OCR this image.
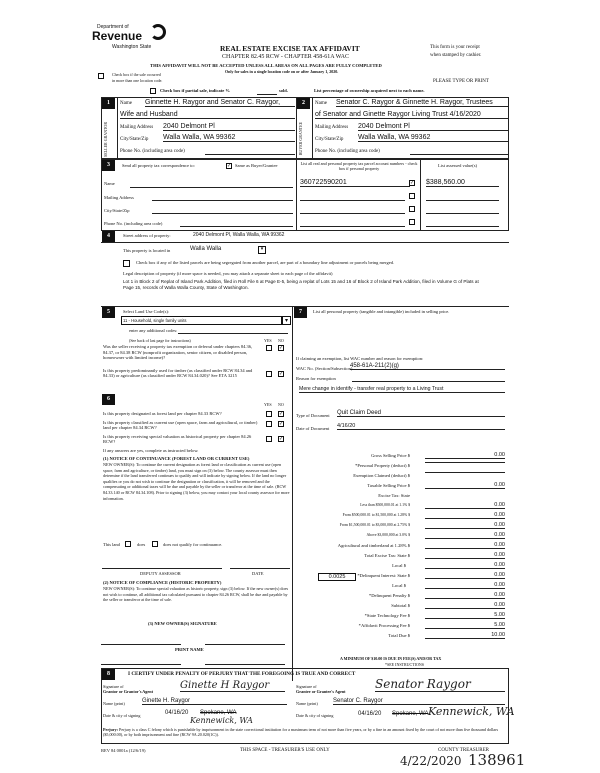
Department of
Revenue
Washington State	REAL ESTATE EXCISE TAX AFFIDAVIT
CHAPTER 82.45 RCW - CHAPTER 458-61A WAC
This form is your receipt
when stamped by cashier.
THIS AFFIDAVIT WILL NOT BE ACCEPTED UNLESS ALL AREAS ON ALL PAGES ARE FULLY COMPLETED
Only for sales in a single location code on or after January 1, 2020.
Check box if the sale occurred
in more than one location code.	PLEASE TYPE OR PRINT
Check box if partial sale, indicate %	sold.	List percentage of ownership acquired next to each name.
1
SELLER GRANTOR
Name Ginnette H. Raygor and Senator C. Raygor,
Wife and Husband
Mailing Address 2040 Delmont Pl
City/State/Zip Walla Walla, WA 99362
Phone No. (including area code)
2
BUYER GRANTEE
Name Senator C. Raygor & Ginnette H. Raygor, Trustees
of Senator and Ginette Raygor Living Trust 4/16/2020
Mailing Address 2040 Delmont Pl
City/State/Zip Walla Walla, WA 99362
Phone No. (including area code)
3	Send all property tax correspondence to:	✓ Same as Buyer/Grantee	List all real and personal property tax parcel account numbers - check box if personal property
List assessed value(s)
Name
Mailing Address
City/State/Zip
Phone No. (including area code)
360722590201	✓ $388,560.00
4	Street address of property:	2040 Delmont Pl, Walla Walla, WA 99362
This property is located in	Walla Walla	▾
Check box if any of the listed parcels are being segregated from another parcel, are part of a boundary line adjustment or parcels being merged.
Legal description of property (if more space is needed, you may attach a separate sheet to each page of the affidavit)
Lot 1 in Block 2 of Replat of Island Park Addition, filed in Roll File 6 at Page E-5, being a replat of Lots 15 and 16 of Block 2 of Island Park Addition, filed in Volume G of Plats at Page 15, records of Walla Walla County, State of Washington.
5	Select Land Use Code(s):
11 - Household, single family units	▾
enter any additional codes:
(See back of last page for instructions)	YES NO
Was the seller receiving a property tax exemption or deferral under chapters 84.36, 84.37, or 84.38 RCW (nonprofit organization, senior citizen, or disabled person, homeowner with limited income)?
✓
Is this property predominantly used for timber (as classified under RCW 84.34 and 84.33) or agriculture (as classified under RCW 84.34.020)? See ETA 3215	✓
6
YES NO
Is this property designated as forest land per chapter 84.33 RCW?	✓
Is this property classified as current use (open space, farm and agricultural, or timber) land per chapter 84.34 RCW?
✓
Is this property receiving special valuation as historical property per chapter 84.26 RCW?	✓
If any answers are yes, complete as instructed below.
(1) NOTICE OF CONTINUANCE (FOREST LAND OR CURRENT USE)
NEW OWNER(S): To continue the current designation as forest land or classification as current use (open space, farm and agriculture, or timber) land, you must sign on (3) below. The county assessor must then determine if the land transferred continues to qualify and will indicate by signing below. If the land no longer qualifies or you do not wish to continue the designation or classification, it will be removed and the compensating or additional taxes will be due and payable by the seller or transferor at the time of sale. (RCW 84.33.140 or RCW 84.34.108). Prior to signing (3) below, you may contact your local county assessor for more information.
This land	does	does not qualify for continuance.
DEPUTY ASSESSOR	DATE
(2) NOTICE OF COMPLIANCE (HISTORIC PROPERTY)
NEW OWNER(S): To continue special valuation as historic property, sign (3) below. If the new owner(s) does not wish to continue, all additional tax calculated pursuant to chapter 84.26 RCW, shall be due and payable by the seller or transferor at the time of sale.
(3) NEW OWNER(S) SIGNATURE
PRINT NAME
7	List all personal property (tangible and intangible) included in selling price.
If claiming an exemption, list WAC number and reason for exemption:
WAC No. (Section/Subsection)
458-61A-211(2)(g)
Reason for exemption
Mere change in identify - transfer real property to a Living Trust
Type of Document Quit Claim Deed
Date of Document 4/16/20
Gross Selling Price $	0.00
*Personal Property (deduct) $
Exemption Claimed (deduct) $
Taxable Selling Price $	0.00
Excise Tax: State
Less than $500,000.01 at 1.1% $	0.00
From $500,000.01 to $1,500,000 at 1.28% $	0.00
From $1,500,000.01 to $3,000,000 at 2.75% $	0.00
Above $3,000,000 at 3.0% $	0.00
Agricultural and timberland at 1.28% $	0.00
Total Excise Tax: State $	0.00
Local $	0.00
*Delinquent Interest: State $	0.00
Local $	0.00
*Delinquent Penalty $	0.00
Subtotal $	0.00
*State Technology Fee $	5.00
*Affidavit Processing Fee $	5.00
Total Due $	10.00
0.0025
A MINIMUM OF $10.00 IS DUE IN FEE(S) AND/OR TAX
*SEE INSTRUCTIONS
8	I CERTIFY UNDER PENALTY OF PERJURY THAT THE FOREGOING IS TRUE AND CORRECT
Signature of
Grantor or Grantor's Agent
Ginette H Raygor	Signature of
Grantee or Grantee's Agent
Senator Raygor
Name (print)	Ginette H. Raygor	Name (print)	Senator C. Raygor
Date & city of signing	04/16/20 Spokane, WA
Kennewick, WA
Date & city of signing	04/16/20 Spokane, WA Kennewick, WA
Perjury: Perjury is a class C felony which is punishable by imprisonment in the state correctional institution for a maximum term of not more than five years, or by a fine in an amount fixed by the court of not more than five thousand dollars ($5,000.00), or by both imprisonment and fine (RCW 9A.20.020(1C)).
REV 84 0001a (12/6/19)	THIS SPACE - TREASURER'S USE ONLY	COUNTY TREASURER
4/22/2020 138961
